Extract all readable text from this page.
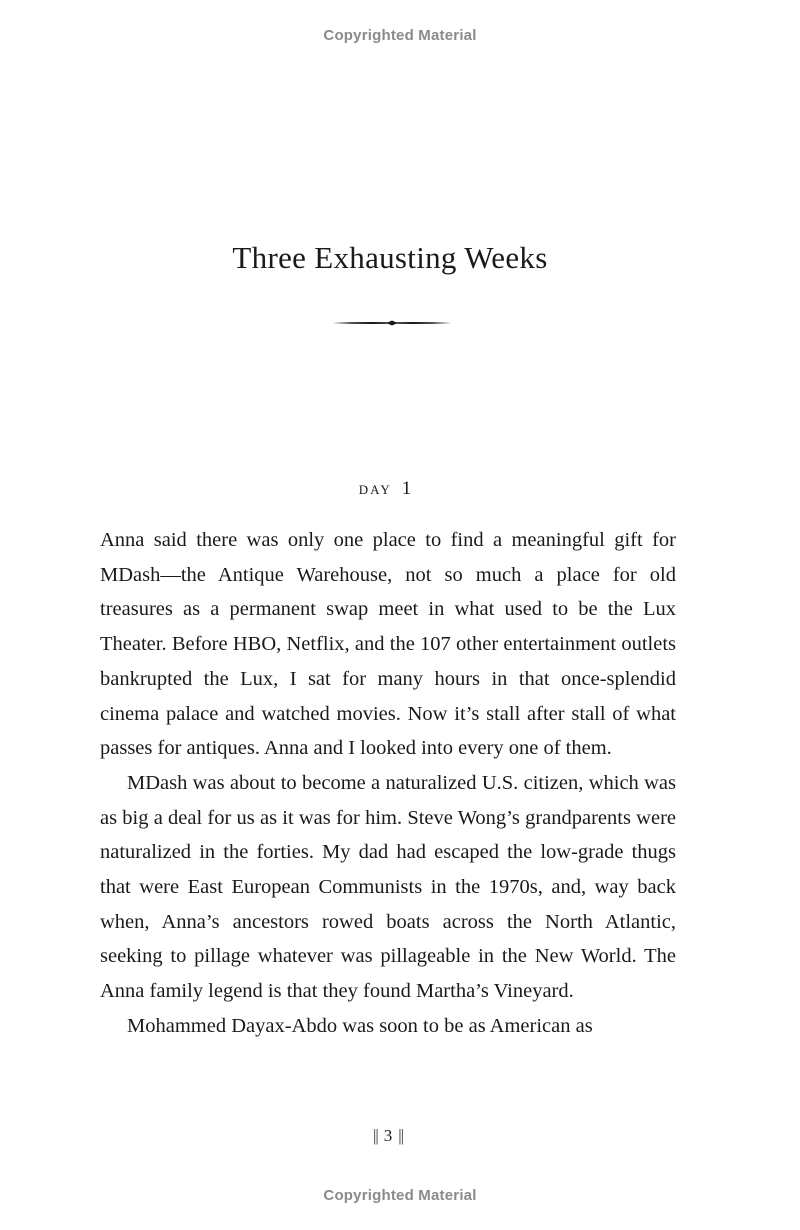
Copyrighted Material
Three Exhausting Weeks
day 1

Anna said there was only one place to find a meaningful gift for MDash—the Antique Warehouse, not so much a place for old treasures as a permanent swap meet in what used to be the Lux Theater. Before HBO, Netflix, and the 107 other entertainment outlets bankrupted the Lux, I sat for many hours in that once-splendid cinema palace and watched movies. Now it’s stall after stall of what passes for antiques. Anna and I looked into every one of them.

MDash was about to become a naturalized U.S. citizen, which was as big a deal for us as it was for him. Steve Wong’s grandparents were naturalized in the forties. My dad had escaped the low-grade thugs that were East European Communists in the 1970s, and, way back when, Anna’s ancestors rowed boats across the North Atlantic, seeking to pillage whatever was pillageable in the New World. The Anna family legend is that they found Martha’s Vineyard.

Mohammed Dayax-Abdo was soon to be as American as

|| 3 ||
Copyrighted Material
